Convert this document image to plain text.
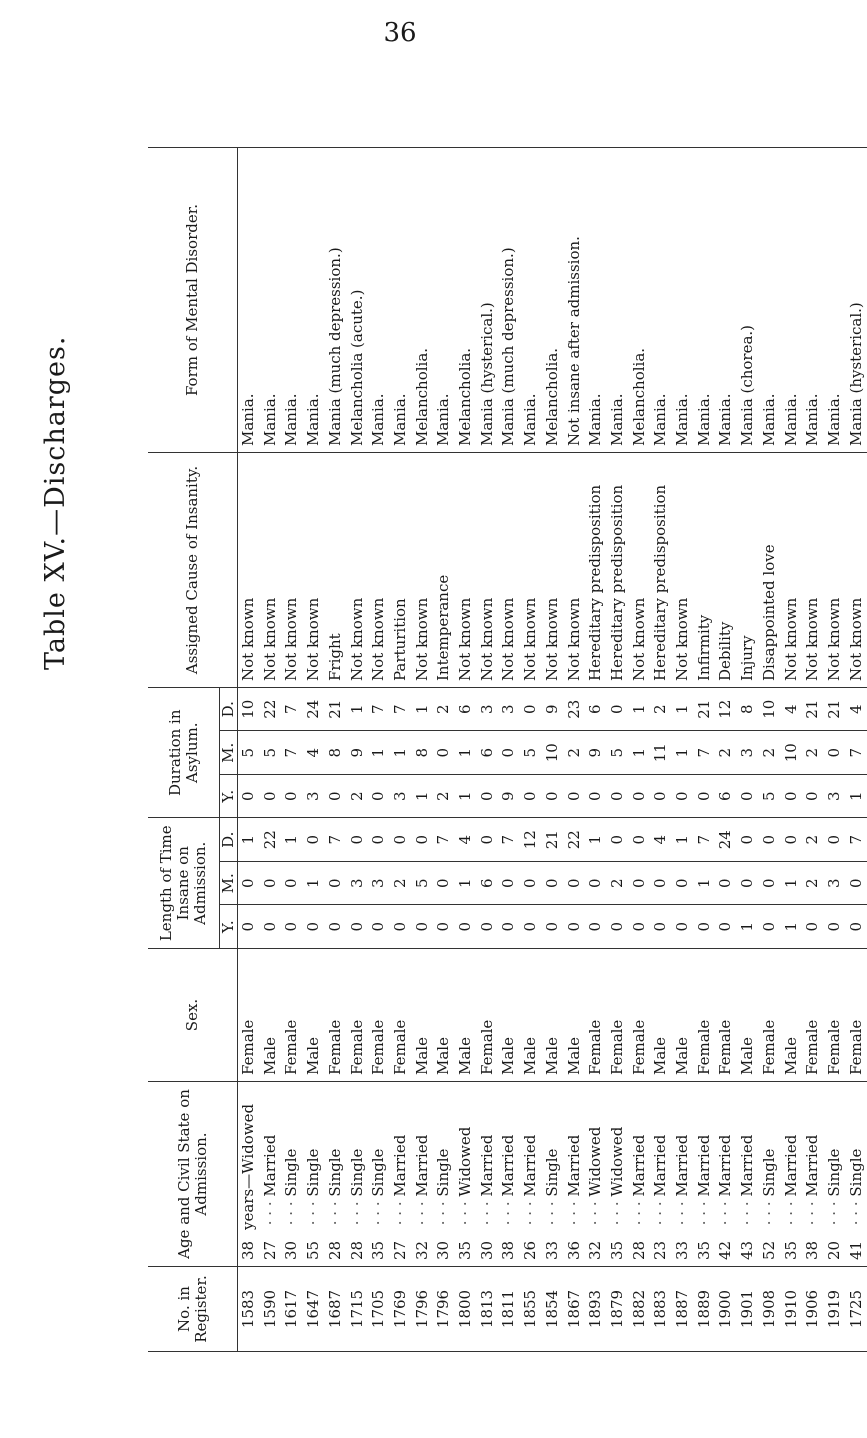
36
Table XV.—Discharges.
No. in Register.	Age and Civil State on Admission.	Sex.	Length of Time Insane on Admission.			Duration in Asylum.			Assigned Cause of Insanity.	Form of Mental Disorder.
			Y.	M.	D.	Y.	M.	D.		
1583	38years—Widowed	Female	0	0	1	0	5	10	Not known	Mania.
1590	27 · · · Married	Male	0	0	22	0	5	22	Not known	Mania.
1617	30 · · · Single	Female	0	0	1	0	7	7	Not known	Mania.
1647	55 · · · Single	Male	0	1	0	3	4	24	Not known	Mania.
1687	28 · · · Single	Female	0	0	7	0	8	21	Fright	Mania (much depression.)
1715	28 · · · Single	Female	0	3	0	2	9	1	Not known	Melancholia (acute.)
1705	35 · · · Single	Female	0	3	0	0	1	7	Not known	Mania.
1769	27 · · · Married	Female	0	2	0	3	1	7	Parturition	Mania.
1796	32 · · · Married	Male	0	5	0	1	8	1	Not known	Melancholia.
1796	30 · · · Single	Male	0	0	7	2	0	2	Intemperance	Mania.
1800	35 · · · Widowed	Male	0	1	4	1	1	6	Not known	Melancholia.
1813	30 · · · Married	Female	0	6	0	0	6	3	Not known	Mania (hysterical.)
1811	38 · · · Married	Male	0	0	7	9	0	3	Not known	Mania (much depression.)
1855	26 · · · Married	Male	0	0	12	0	5	0	Not known	Mania.
1854	33 · · · Single	Male	0	0	21	0	10	9	Not known	Melancholia.
1867	36 · · · Married	Male	0	0	22	0	2	23	Not known	Not insane after admission.
1893	32 · · · Widowed	Female	0	0	1	0	9	6	Hereditary predisposition	Mania.
1879	35 · · · Widowed	Female	0	2	0	0	5	0	Hereditary predisposition	Mania.
1882	28 · · · Married	Female	0	0	0	0	1	1	Not known	Melancholia.
1883	23 · · · Married	Male	0	0	4	0	11	2	Hereditary predisposition	Mania.
1887	33 · · · Married	Male	0	0	1	0	1	1	Not known	Mania.
1889	35 · · · Married	Female	0	1	7	0	7	21	Infirmity	Mania.
1900	42 · · · Married	Female	0	0	24	6	2	12	Debility	Mania.
1901	43 · · · Married	Male	1	0	0	0	3	8	Injury	Mania (chorea.)
1908	52 · · · Single	Female	0	0	0	5	2	10	Disappointed love	Mania.
1910	35 · · · Married	Male	1	1	0	0	10	4	Not known	Mania.
1906	38 · · · Married	Female	0	2	2	0	2	21	Not known	Mania.
1919	20 · · · Single	Female	0	3	0	3	0	21	Not known	Mania.
1725	41 · · · Single	Female	0	0	7	1	7	4	Not known	Mania (hysterical.)
